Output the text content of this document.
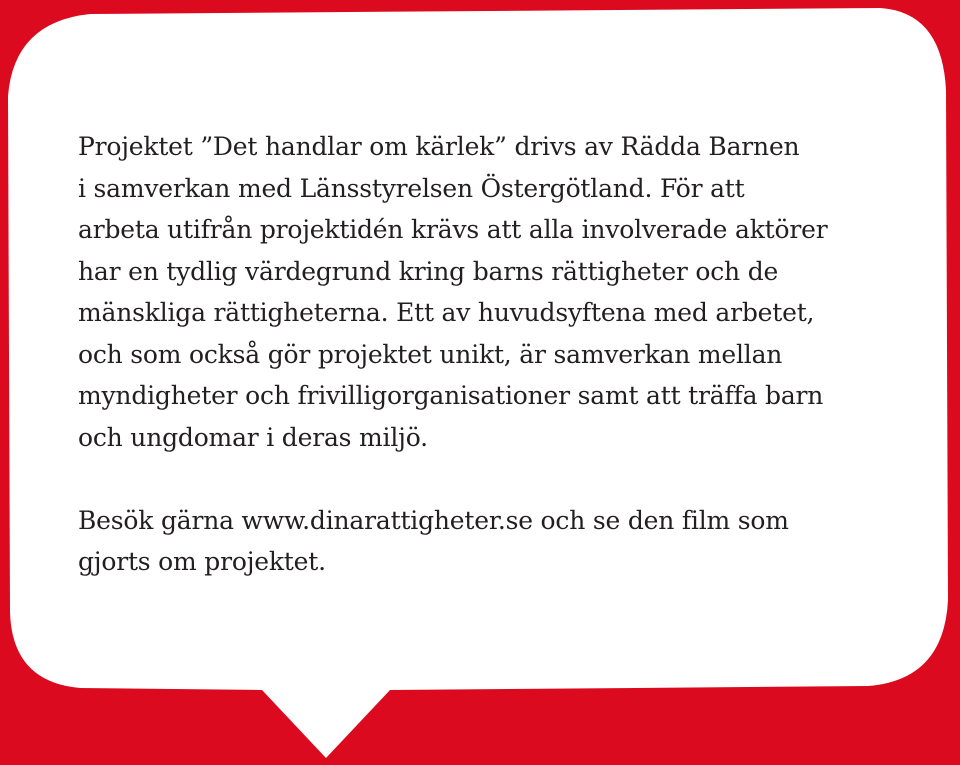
Projektet ”Det handlar om kärlek” drivs av Rädda Barnen
i samverkan med Länsstyrelsen Östergötland. För att
arbeta utifrån projektidén krävs att alla involverade aktörer
har en tydlig värdegrund kring barns rättigheter och de
mänskliga rättigheterna. Ett av huvudsyftena med arbetet,
och som också gör projektet unikt, är samverkan mellan
myndigheter och frivilligorganisationer samt att träffa barn
och ungdomar i deras miljö.
Besök gärna www.dinarattigheter.se och se den film som
gjorts om projektet.
